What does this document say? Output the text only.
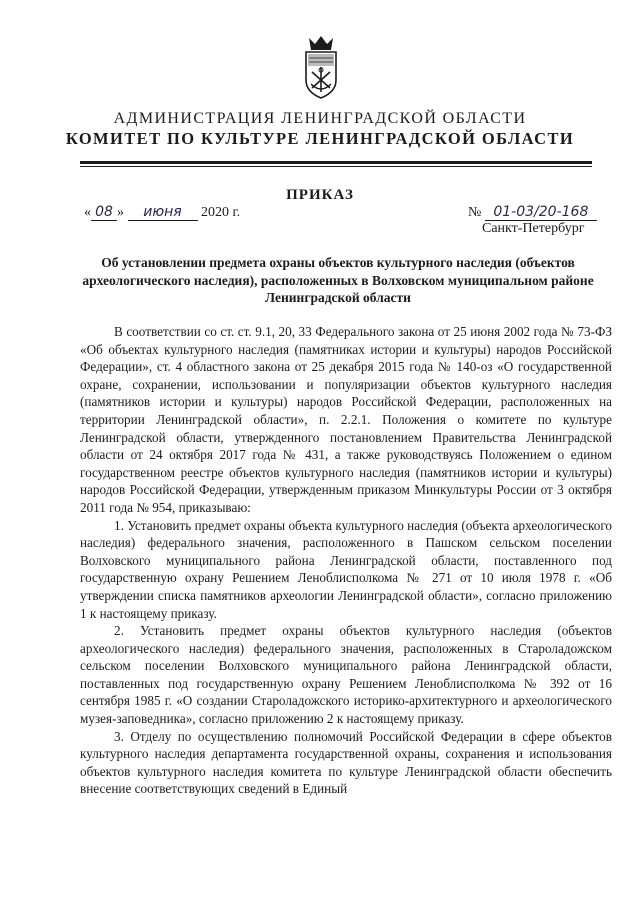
АДМИНИСТРАЦИЯ ЛЕНИНГРАДСКОЙ ОБЛАСТИ
КОМИТЕТ ПО КУЛЬТУРЕ ЛЕНИНГРАДСКОЙ ОБЛАСТИ
ПРИКАЗ
« 08 » июня 2020 г.	№ 01-03/20-168
Санкт-Петербург
Об установлении предмета охраны объектов культурного наследия (объектов археологического наследия), расположенных в Волховском муниципальном районе Ленинградской области

В соответствии со ст. ст. 9.1, 20, 33 Федерального закона от 25 июня 2002 года № 73-ФЗ «Об объектах культурного наследия (памятниках истории и культуры) народов Российской Федерации», ст. 4 областного закона от 25 декабря 2015 года № 140-оз «О государственной охране, сохранении, использовании и популяризации объектов культурного наследия (памятников истории и культуры) народов Российской Федерации, расположенных на территории Ленинградской области», п. 2.2.1. Положения о комитете по культуре Ленинградской области, утвержденного постановлением Правительства Ленинградской области от 24 октября 2017 года № 431, а также руководствуясь Положением о едином государственном реестре объектов культурного наследия (памятников истории и культуры) народов Российской Федерации, утвержденным приказом Минкультуры России от 3 октября 2011 года № 954, приказываю:

1. Установить предмет охраны объекта культурного наследия (объекта археологического наследия) федерального значения, расположенного в Пашском сельском поселении Волховского муниципального района Ленинградской области, поставленного под государственную охрану Решением Леноблисполкома № 271 от 10 июля 1978 г. «Об утверждении списка памятников археологии Ленинградской области», согласно приложению 1 к настоящему приказу.

2. Установить предмет охраны объектов культурного наследия (объектов археологического наследия) федерального значения, расположенных в Староладожском сельском поселении Волховского муниципального района Ленинградской области, поставленных под государственную охрану Решением Леноблисполкома № 392 от 16 сентября 1985 г. «О создании Староладожского историко-архитектурного и археологического музея-заповедника», согласно приложению 2 к настоящему приказу.

3. Отделу по осуществлению полномочий Российской Федерации в сфере объектов культурного наследия департамента государственной охраны, сохранения и использования объектов культурного наследия комитета по культуре Ленинградской области обеспечить внесение соответствующих сведений в Единый
